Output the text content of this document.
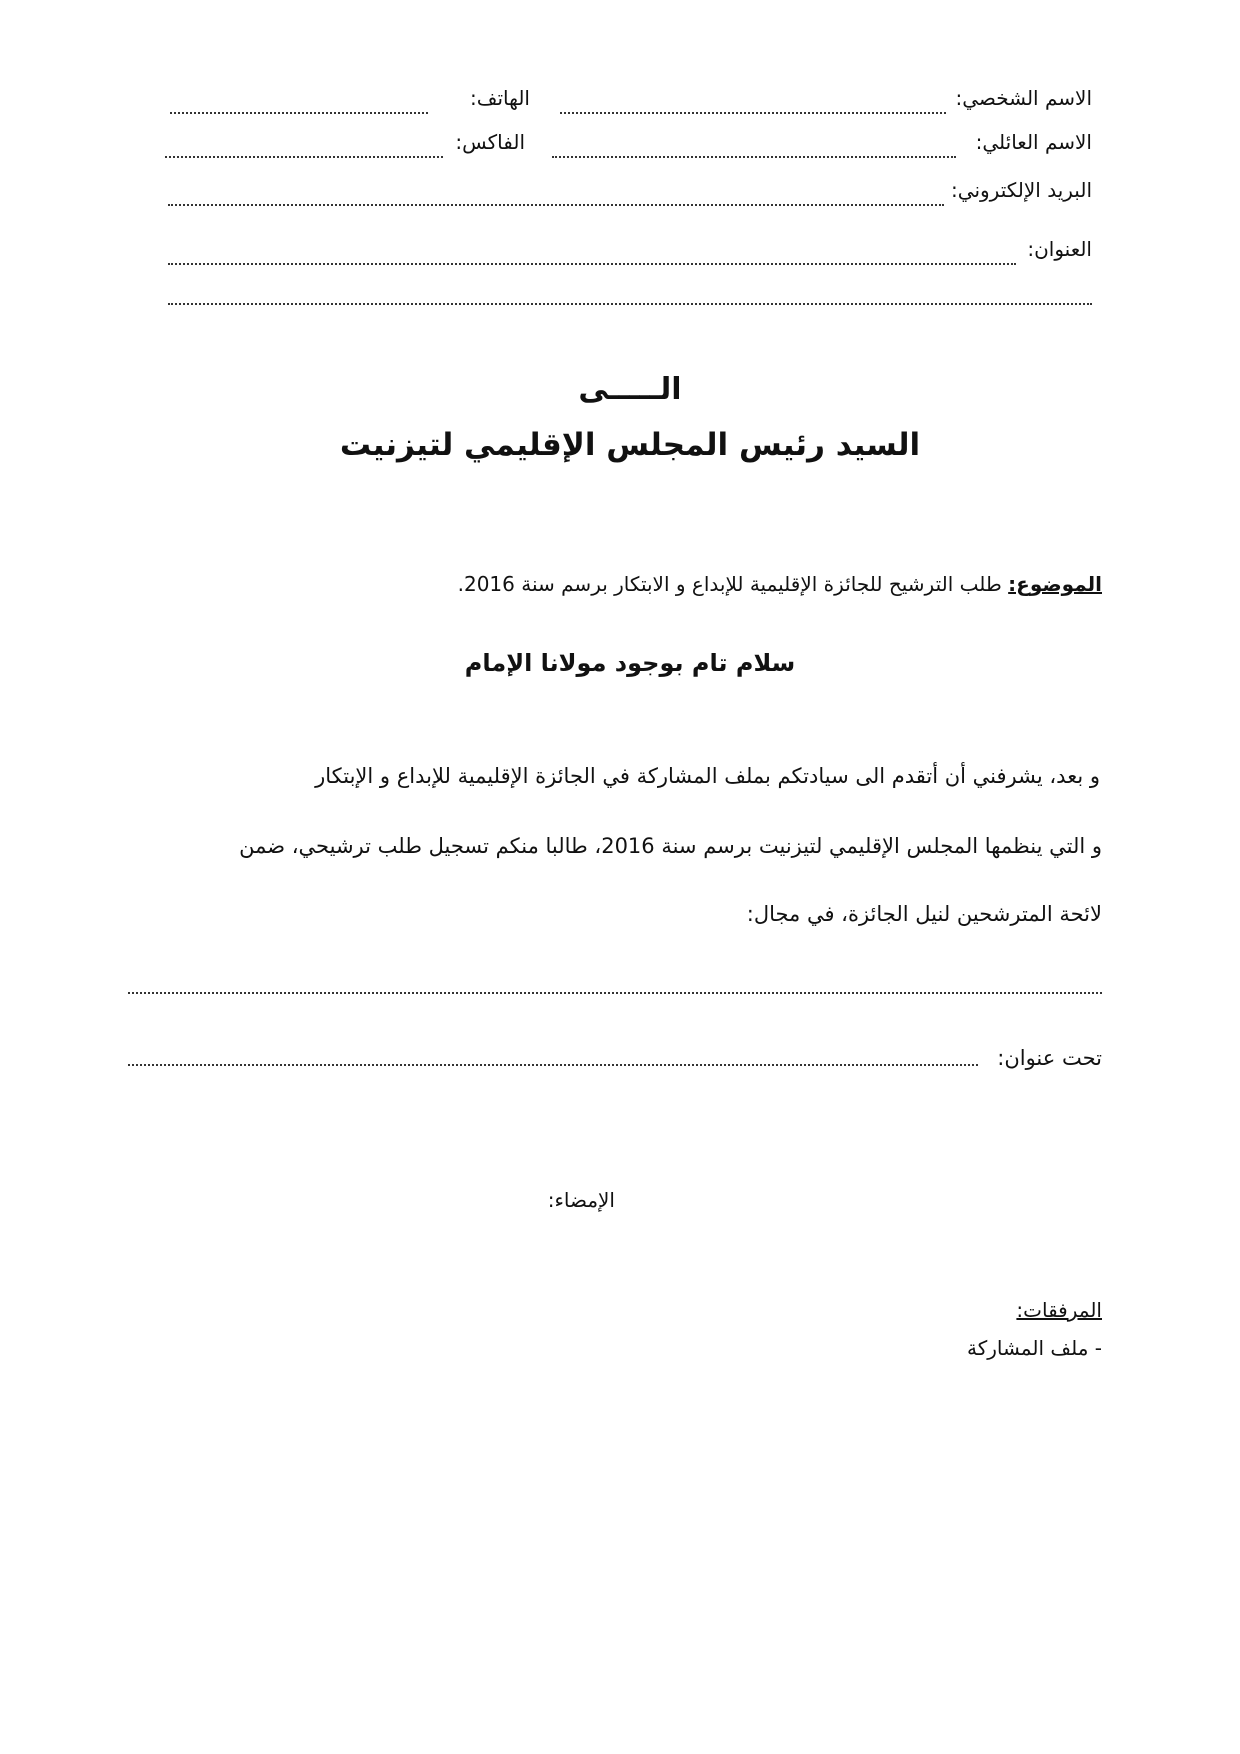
الاسم الشخصي:
الهاتف:
الاسم العائلي:
الفاكس:
البريد الإلكتروني:
العنوان:
الـــــى
السيد رئيس المجلس الإقليمي لتيزنيت
الموضوع: طلب الترشيح للجائزة الإقليمية للإبداع و الابتكار برسم سنة 2016.
سلام تام بوجود مولانا الإمام
و بعد، يشرفني أن أتقدم الى سيادتكم بملف المشاركة في الجائزة الإقليمية للإبداع و الإبتكار
و التي ينظمها المجلس الإقليمي لتيزنيت برسم سنة 2016، طالبا منكم تسجيل طلب ترشيحي، ضمن
لائحة المترشحين لنيل الجائزة، في مجال:
تحت عنوان:
الإمضاء:
المرفقات:
- ملف المشاركة
